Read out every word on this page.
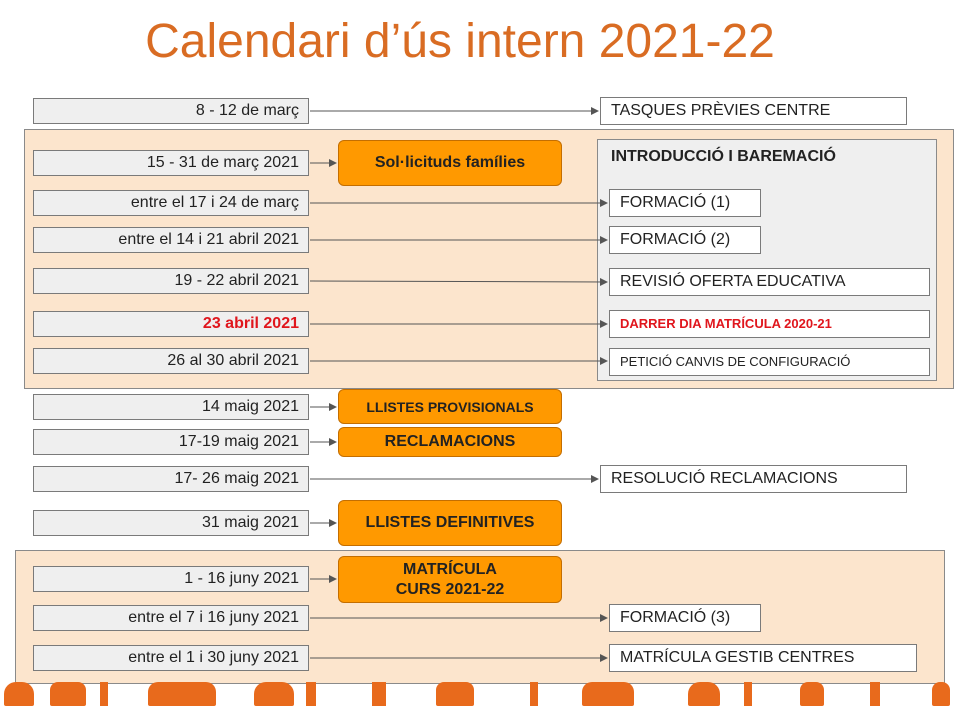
Calendari d’ús intern 2021-22
INTRODUCCIÓ I BAREMACIÓ
8 - 12 de març
15 - 31 de març 2021
entre el 17 i 24 de març
entre el 14 i 21 abril 2021
19 - 22 abril 2021
23 abril 2021
26 al 30 abril 2021
14 maig 2021
17-19 maig 2021
17- 26 maig 2021
31 maig 2021
1 - 16 juny 2021
entre el 7 i 16 juny 2021
entre el 1 i 30 juny 2021
Sol·licituds famílies
LLISTES PROVISIONALS
RECLAMACIONS
LLISTES DEFINITIVES
MATRÍCULA
CURS 2021-22
TASQUES PRÈVIES CENTRE
FORMACIÓ (1)
FORMACIÓ (2)
REVISIÓ OFERTA EDUCATIVA
DARRER DIA MATRÍCULA 2020-21
PETICIÓ CANVIS DE CONFIGURACIÓ
RESOLUCIÓ RECLAMACIONS
FORMACIÓ (3)
MATRÍCULA GESTIB CENTRES
